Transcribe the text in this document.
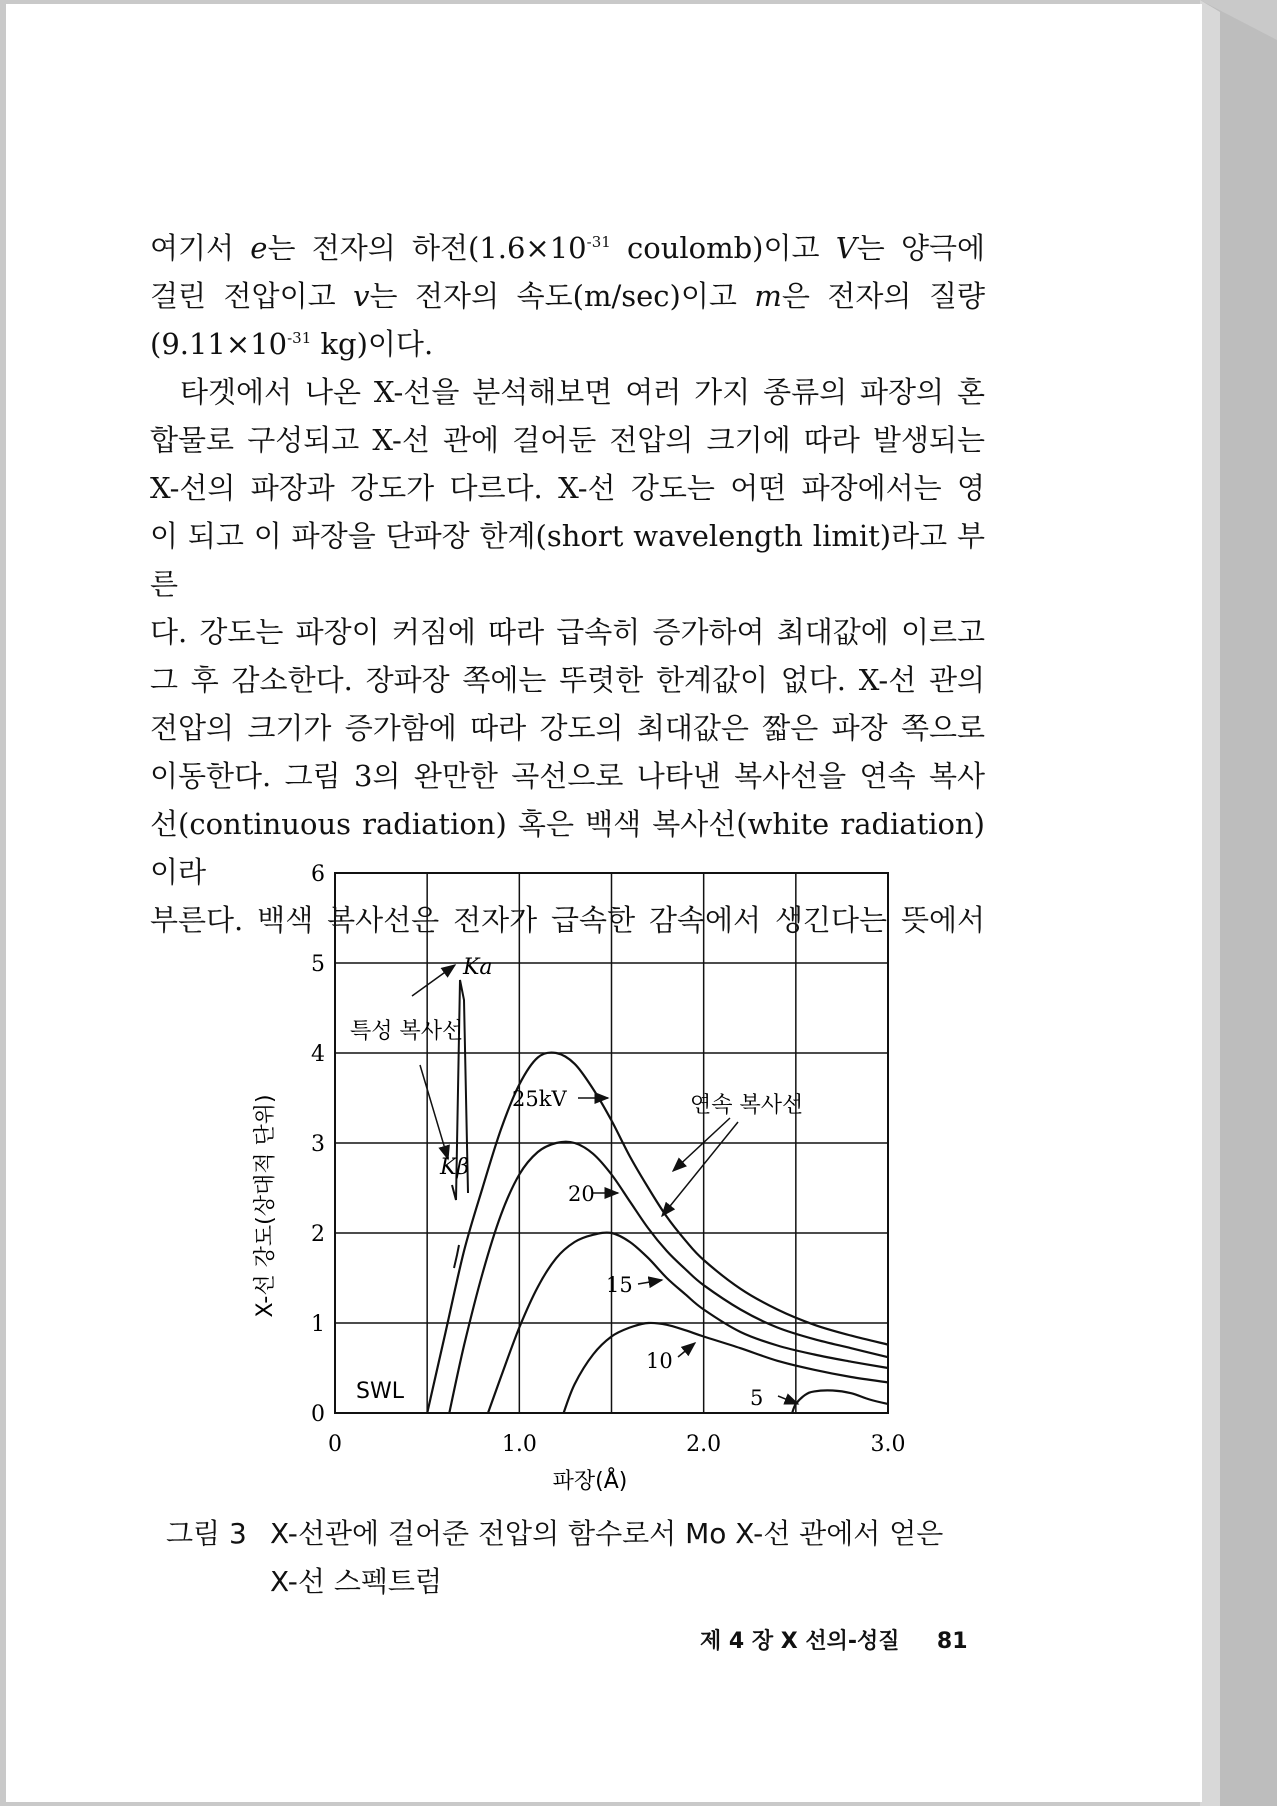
여기서 e는 전자의 하전($1.6\times 10^{-31}$ coulomb)이고 V는 양극에

걸린 전압이고 v는 전자의 속도(m/sec)이고 m은 전자의 질량

($9.11\times 10^{-31}$ kg)이다.

타겟에서 나온 X-선을 분석해보면 여러 가지 종류의 파장의 혼

합물로 구성되고 X-선 관에 걸어둔 전압의 크기에 따라 발생되는

X-선의 파장과 강도가 다르다. X-선 강도는 어떤 파장에서는 영

이 되고 이 파장을 단파장 한계(short wavelength limit)라고 부른

다. 강도는 파장이 커짐에 따라 급속히 증가하여 최대값에 이르고

그 후 감소한다. 장파장 쪽에는 뚜렷한 한계값이 없다. X-선 관의

전압의 크기가 증가함에 따라 강도의 최대값은 짧은 파장 쪽으로

이동한다. 그림 3의 완만한 곡선으로 나타낸 복사선을 연속 복사

선(continuous radiation) 혹은 백색 복사선(white radiation)이라

부른다. 백색 복사선은 전자가 급속한 감속에서 생긴다는 뜻에서

0
1
2
3
4
5
6
0	1.0	2.0	3.0
Ka
Kβ
특성 복사선
연속 복사선
SWL
25kV
20
15
10
5
파장(Å)
X-선 강도(상대적 단위)
그림 3 X-선관에 걸어준 전압의 함수로서 Mo X-선 관에서 얻은
X-선 스펙트럼
제 4 장 X 선의-성질 81
